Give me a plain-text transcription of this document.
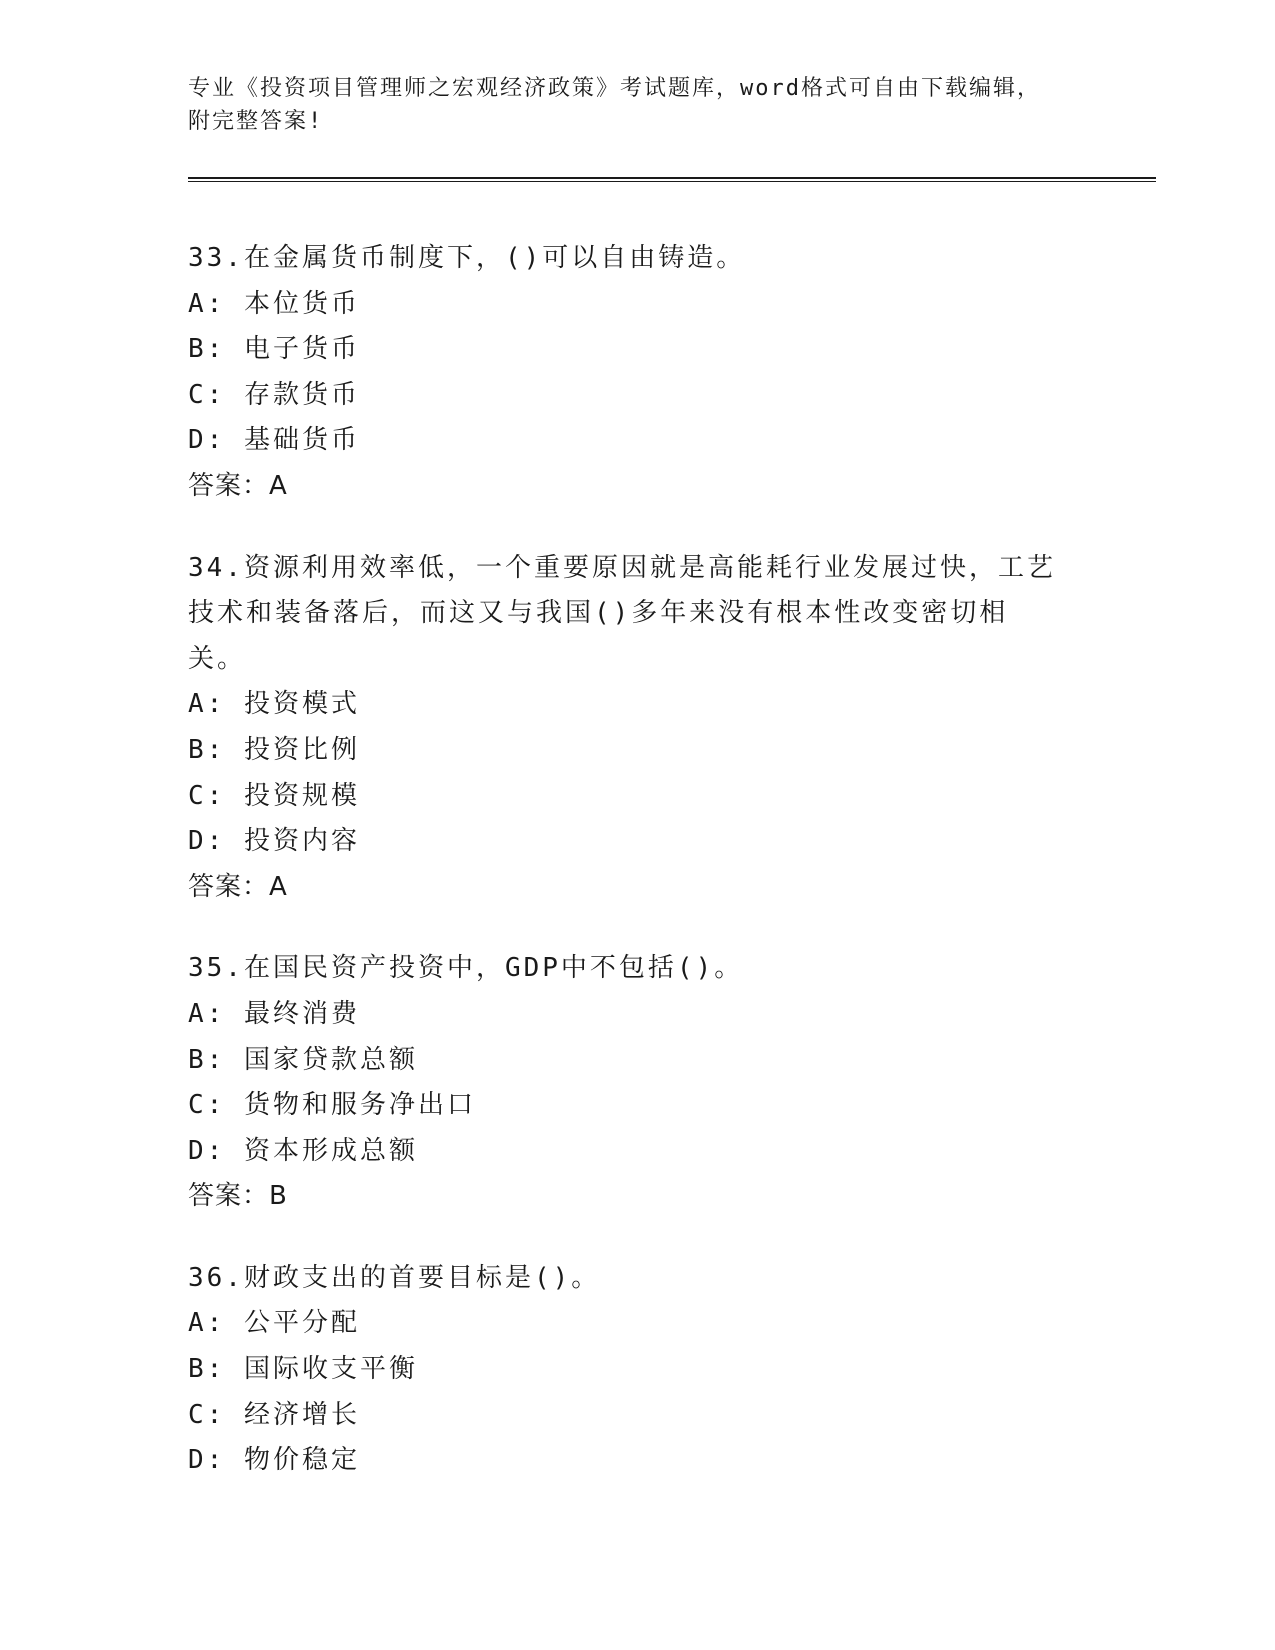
专业《投资项目管理师之宏观经济政策》考试题库，word格式可自由下载编辑，
附完整答案!
33.在金属货币制度下，()可以自由铸造。
A: 本位货币
B: 电子货币
C: 存款货币
D: 基础货币
答案：A
34.资源利用效率低，一个重要原因就是高能耗行业发展过快，工艺技术和装备落后，而这又与我国()多年来没有根本性改变密切相关。
A: 投资模式
B: 投资比例
C: 投资规模
D: 投资内容
答案：A
35.在国民资产投资中，GDP中不包括()。
A: 最终消费
B: 国家贷款总额
C: 货物和服务净出口
D: 资本形成总额
答案：B
36.财政支出的首要目标是()。
A: 公平分配
B: 国际收支平衡
C: 经济增长
D: 物价稳定
